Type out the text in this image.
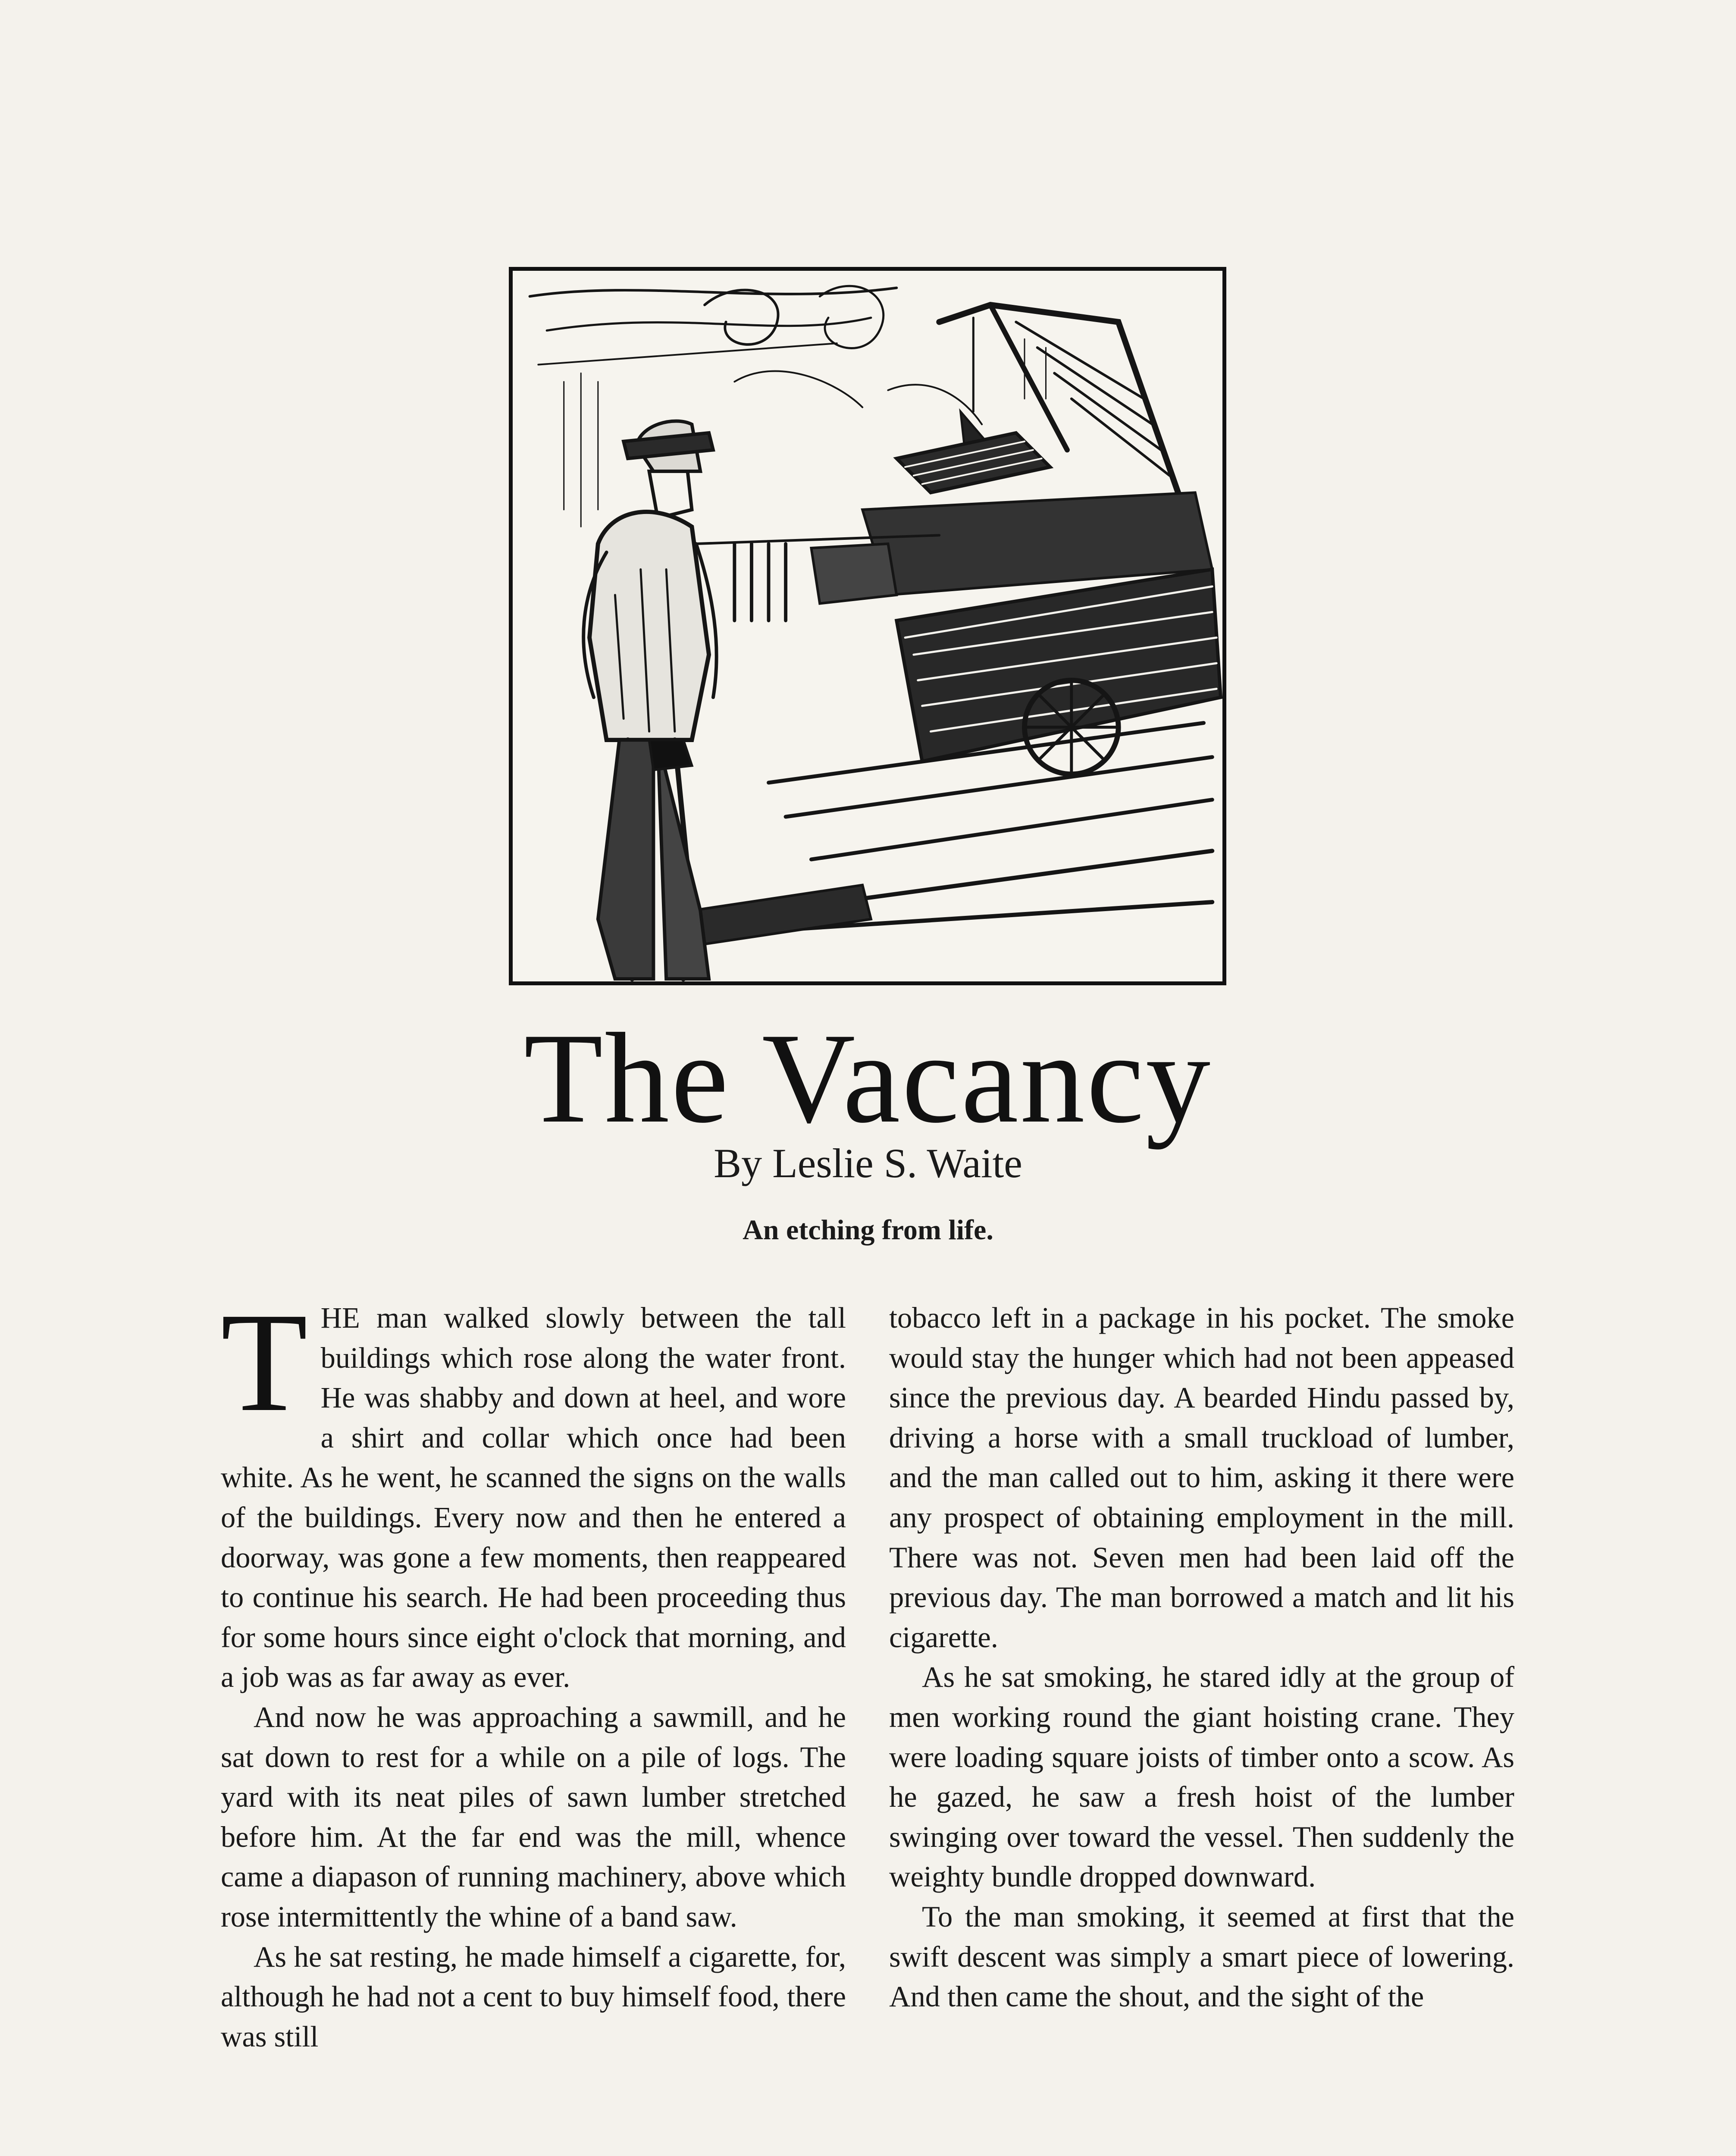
The Vacancy
By Leslie S. Waite
An etching from life.

THE man walked slowly between the tall buildings which rose along the water front. He was shabby and down at heel, and wore a shirt and collar which once had been white. As he went, he scanned the signs on the walls of the buildings. Every now and then he entered a doorway, was gone a few moments, then reappeared to continue his search. He had been proceeding thus for some hours since eight o'clock that morning, and a job was as far away as ever.

And now he was approaching a sawmill, and he sat down to rest for a while on a pile of logs. The yard with its neat piles of sawn lumber stretched before him. At the far end was the mill, whence came a diapason of running machinery, above which rose intermittently the whine of a band saw.

As he sat resting, he made himself a cigarette, for, although he had not a cent to buy himself food, there was still

tobacco left in a package in his pocket. The smoke would stay the hunger which had not been appeased since the previous day. A bearded Hindu passed by, driving a horse with a small truckload of lumber, and the man called out to him, asking it there were any prospect of obtaining employment in the mill. There was not. Seven men had been laid off the previous day. The man borrowed a match and lit his cigarette.

As he sat smoking, he stared idly at the group of men working round the giant hoisting crane. They were loading square joists of timber onto a scow. As he gazed, he saw a fresh hoist of the lumber swinging over toward the vessel. Then suddenly the weighty bundle dropped downward.

To the man smoking, it seemed at first that the swift descent was simply a smart piece of lowering. And then came the shout, and the sight of the
